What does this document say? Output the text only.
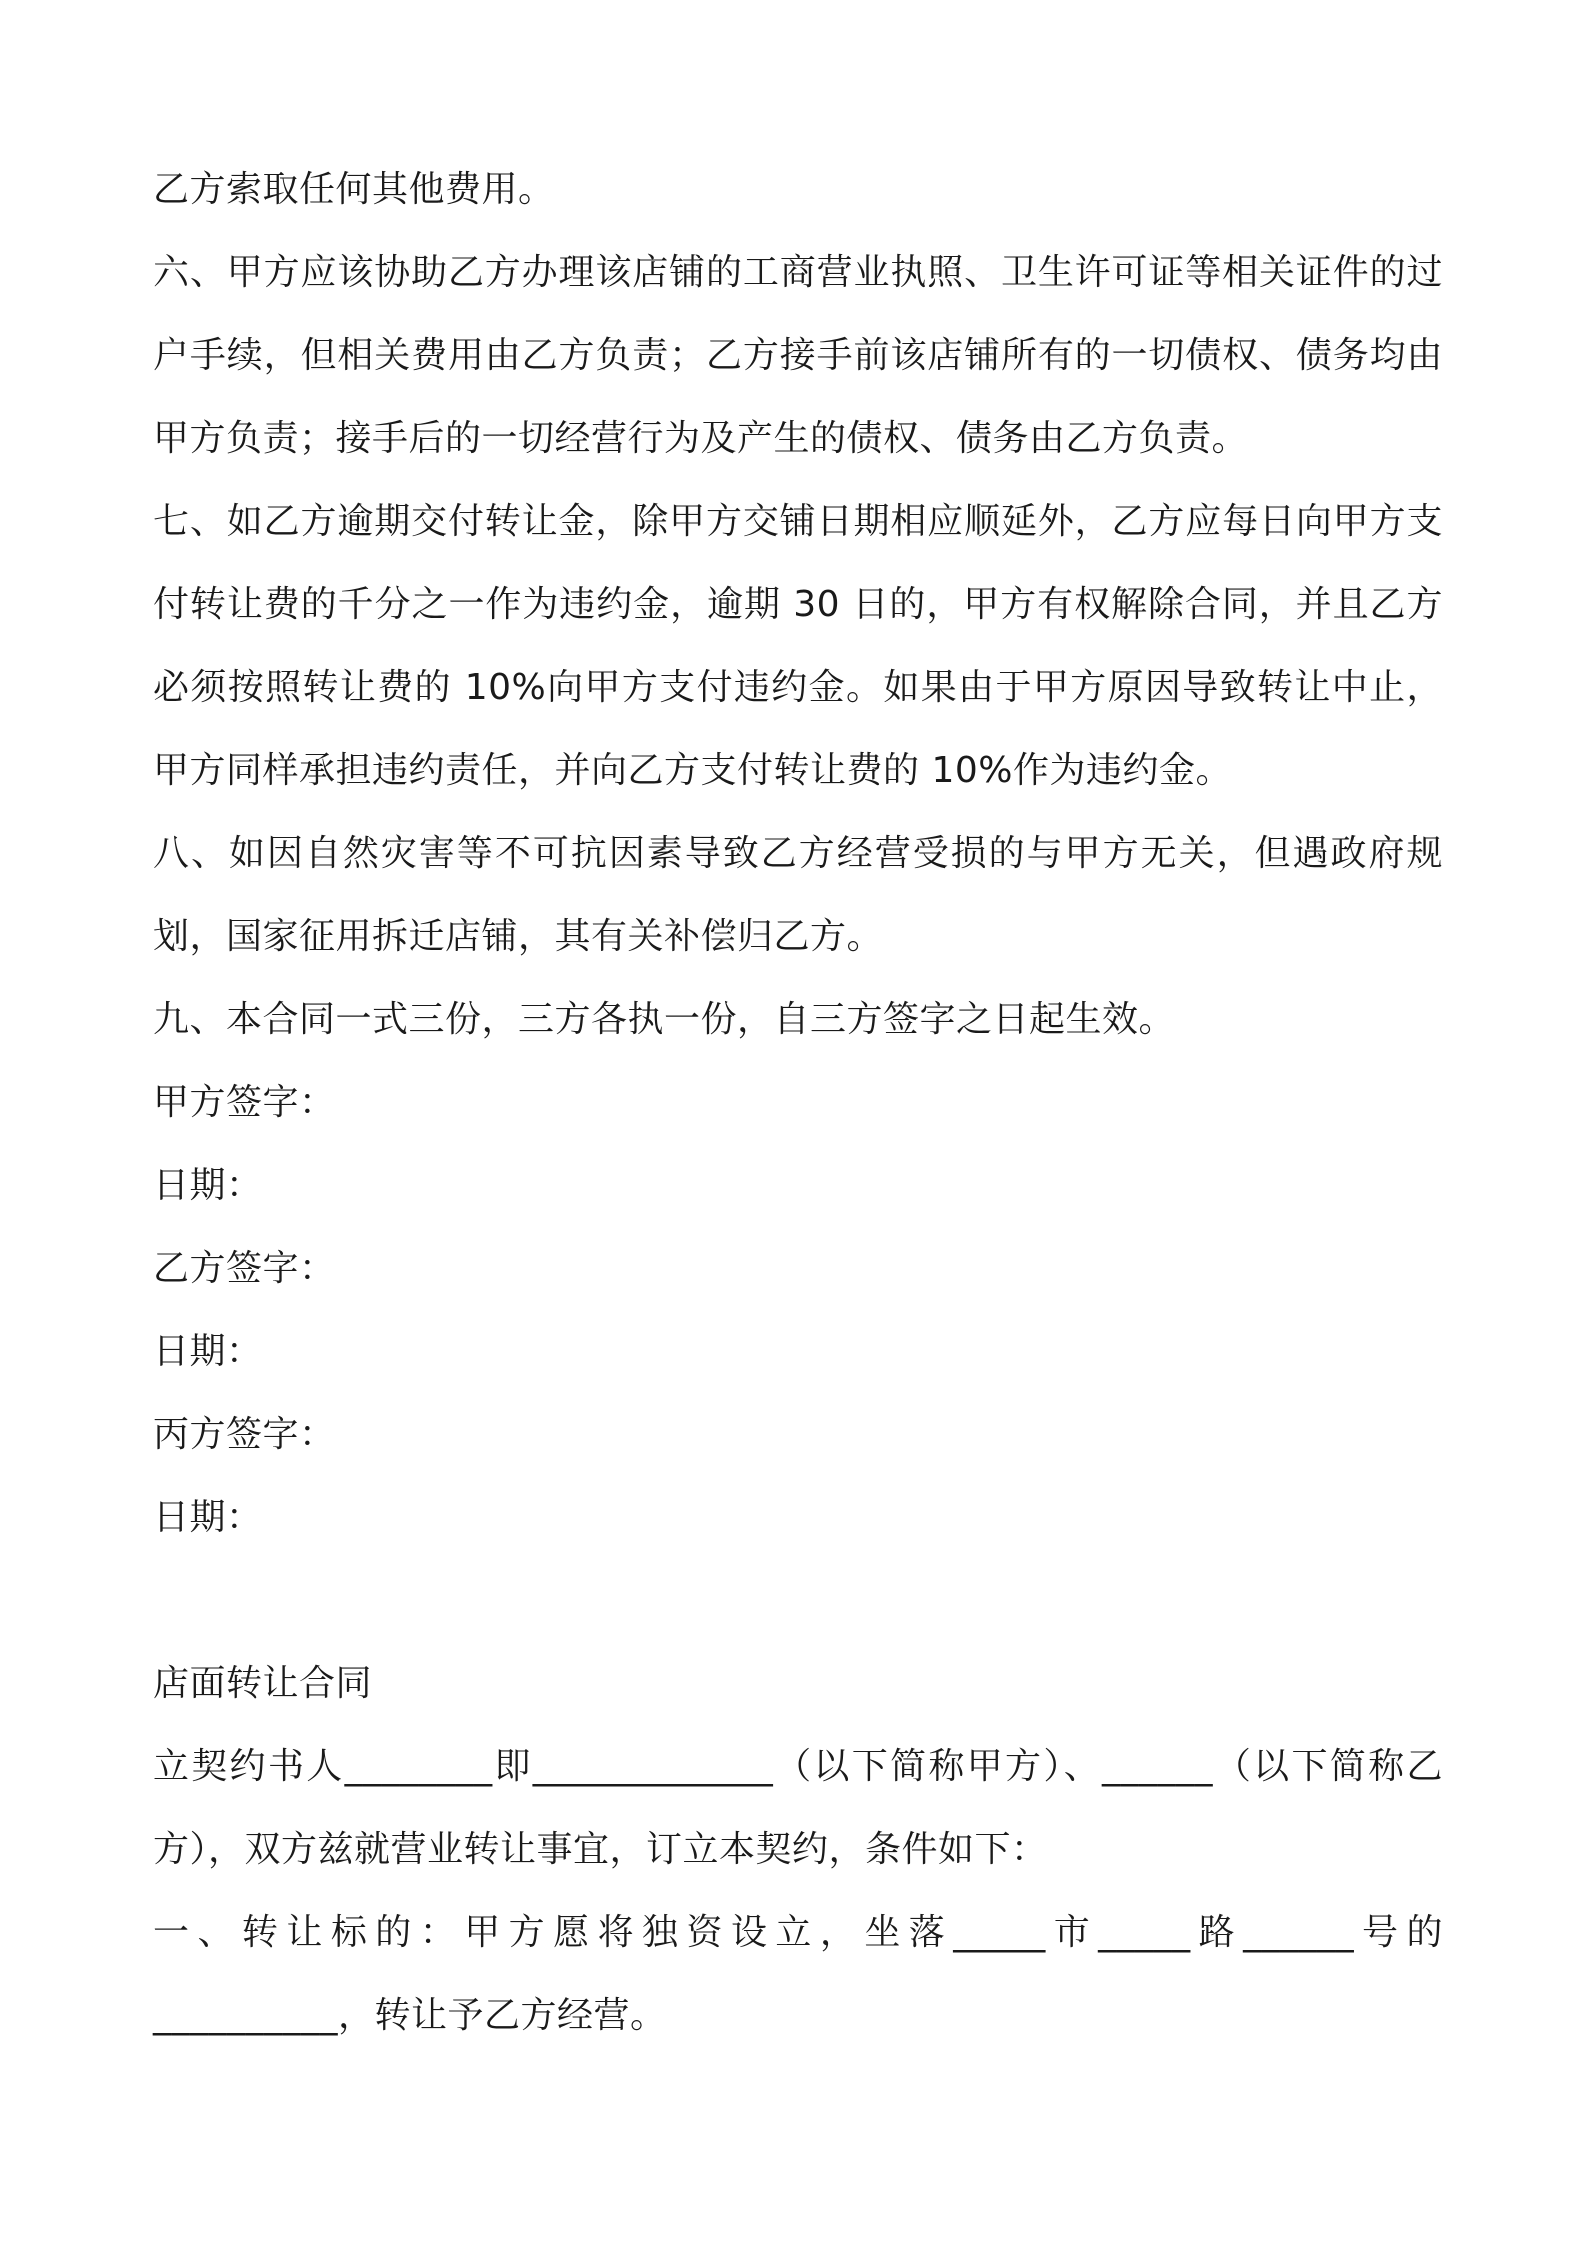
乙方索取任何其他费用。

六、甲方应该协助乙方办理该店铺的工商营业执照、卫生许可证等相关证件的过户手续，但相关费用由乙方负责；乙方接手前该店铺所有的一切债权、债务均由甲方负责；接手后的一切经营行为及产生的债权、债务由乙方负责。

七、如乙方逾期交付转让金，除甲方交铺日期相应顺延外，乙方应每日向甲方支付转让费的千分之一作为违约金，逾期 30 日的，甲方有权解除合同，并且乙方必须按照转让费的 10%向甲方支付违约金。如果由于甲方原因导致转让中止，甲方同样承担违约责任，并向乙方支付转让费的 10%作为违约金。

八、如因自然灾害等不可抗因素导致乙方经营受损的与甲方无关，但遇政府规划，国家征用拆迁店铺，其有关补偿归乙方。

九、本合同一式三份，三方各执一份，自三方签字之日起生效。

甲方签字：

日期：

乙方签字：

日期：

丙方签字：

日期：

店面转让合同

立契约书人________即_____________（以下简称甲方）、______（以下简称乙方），双方兹就营业转让事宜，订立本契约，条件如下：

一、转让标的：甲方愿将独资设立，坐落_____市_____路______号的__________，转让予乙方经营。
